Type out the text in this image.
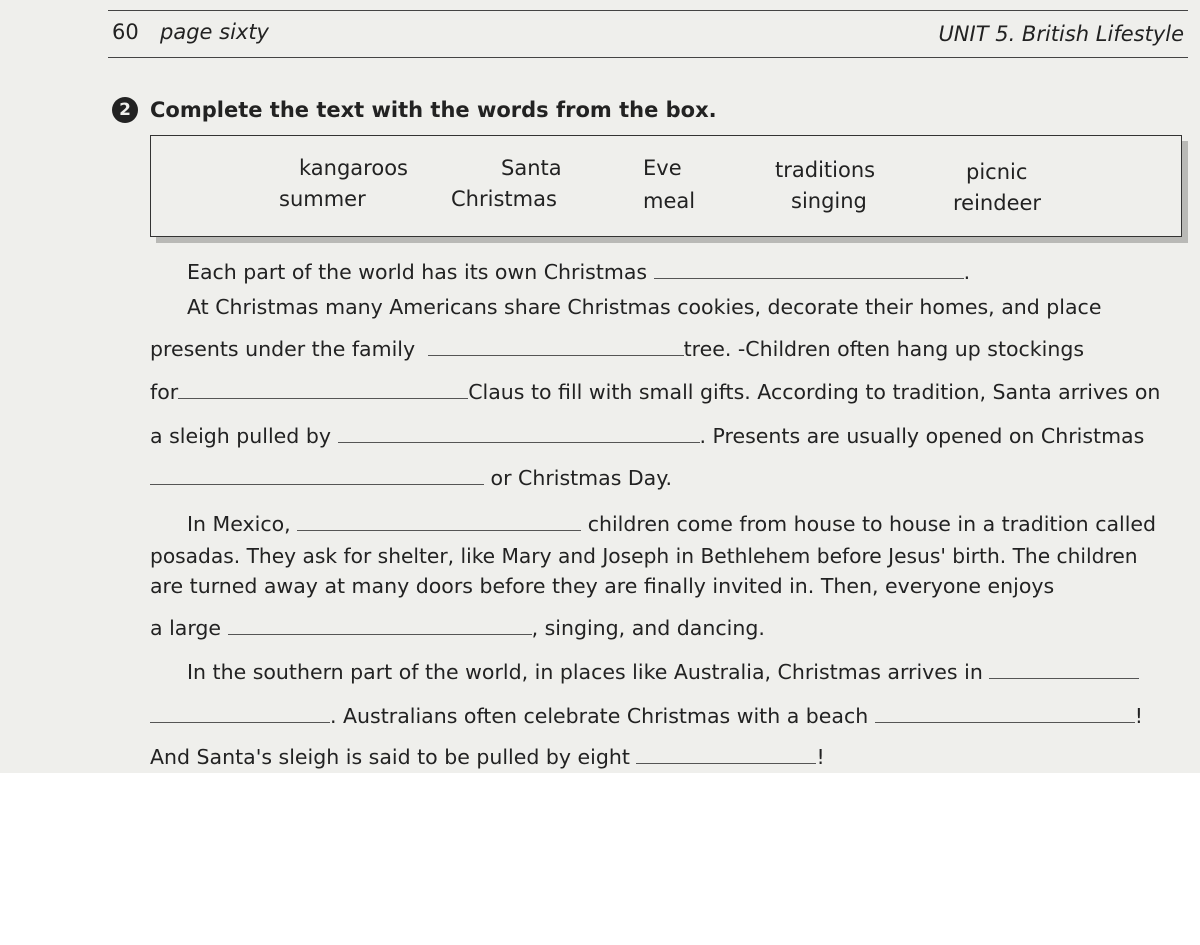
60 page sixty	UNIT 5. British Lifestyle
2 Complete the text with the words from the box.
kangaroos	Santa	Eve	traditions	picnic
summer	Christmas	meal	singing	reindeer
Each part of the world has its own Christmas	.
At Christmas many Americans share Christmas cookies, decorate their homes, and place
presents under the family	tree. -Children often hang up stockings
for	Claus to fill with small gifts. According to tradition, Santa arrives on
a sleigh pulled by	. Presents are usually opened on Christmas
or Christmas Day.
In Mexico,	children come from house to house in a tradition called
posadas. They ask for shelter, like Mary and Joseph in Bethlehem before Jesus' birth. The children
are turned away at many doors before they are finally invited in. Then, everyone enjoys
a large	, singing, and dancing.
In the southern part of the world, in places like Australia, Christmas arrives in
. Australians often celebrate Christmas with a beach	!
And Santa's sleigh is said to be pulled by eight	!
